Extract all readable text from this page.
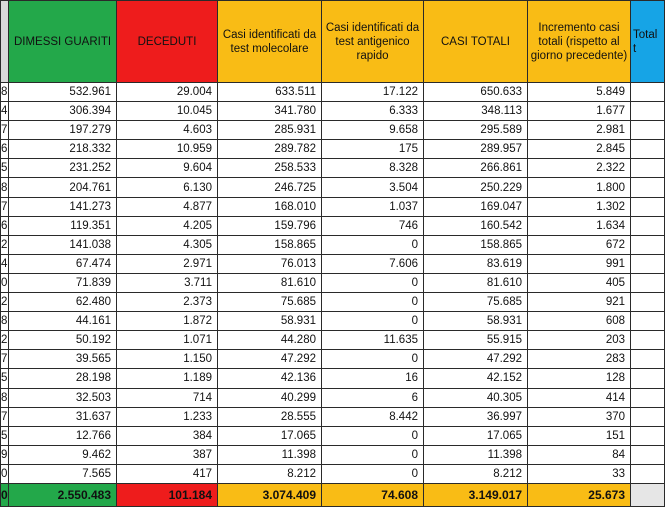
	DIMESSI GUARITI	DECEDUTI	Casi identificati da test molecolare	Casi identificati da test antigenico rapido	CASI TOTALI	Incremento casi totali (rispetto al giorno precedente)	Total t
8	532.961	29.004	633.511	17.122	650.633	5.849	
4	306.394	10.045	341.780	6.333	348.113	1.677	
7	197.279	4.603	285.931	9.658	295.589	2.981	
6	218.332	10.959	289.782	175	289.957	2.845	
5	231.252	9.604	258.533	8.328	266.861	2.322	
8	204.761	6.130	246.725	3.504	250.229	1.800	
7	141.273	4.877	168.010	1.037	169.047	1.302	
6	119.351	4.205	159.796	746	160.542	1.634	
2	141.038	4.305	158.865	0	158.865	672	
4	67.474	2.971	76.013	7.606	83.619	991	
0	71.839	3.711	81.610	0	81.610	405	
2	62.480	2.373	75.685	0	75.685	921	
8	44.161	1.872	58.931	0	58.931	608	
2	50.192	1.071	44.280	11.635	55.915	203	
7	39.565	1.150	47.292	0	47.292	283	
5	28.198	1.189	42.136	16	42.152	128	
8	32.503	714	40.299	6	40.305	414	
7	31.637	1.233	28.555	8.442	36.997	370	
5	12.766	384	17.065	0	17.065	151	
9	9.462	387	11.398	0	11.398	84	
0	7.565	417	8.212	0	8.212	33	
0	2.550.483	101.184	3.074.409	74.608	3.149.017	25.673	
